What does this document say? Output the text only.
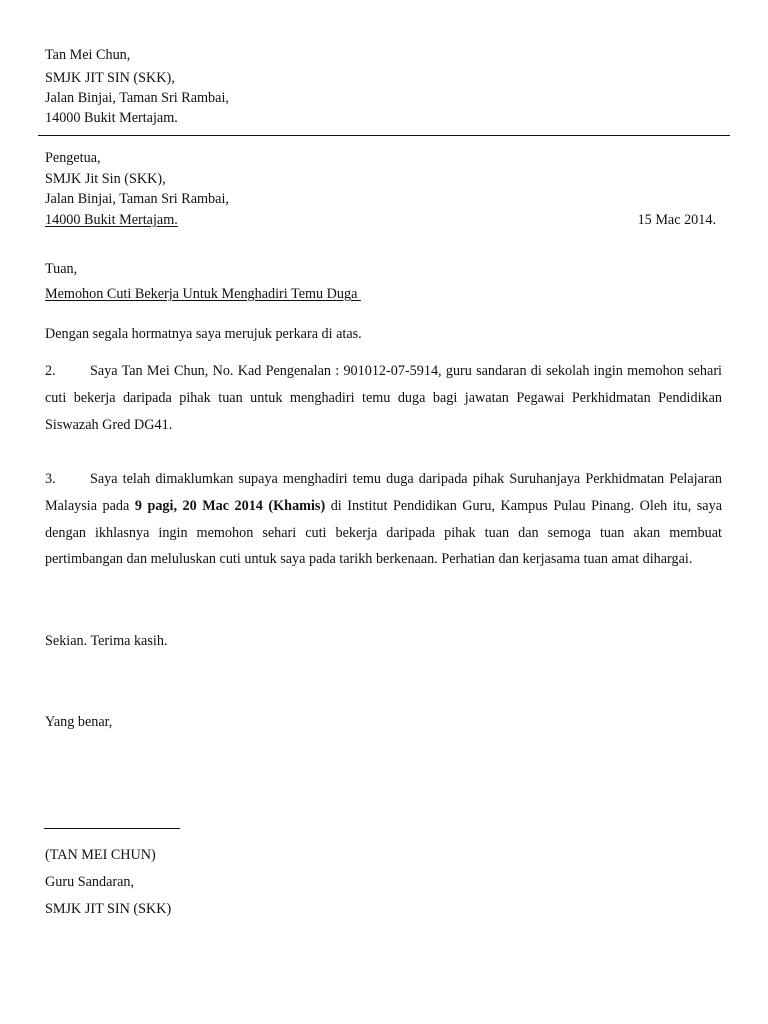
Tan Mei Chun,
SMJK JIT SIN (SKK),
Jalan Binjai, Taman Sri Rambai,
14000 Bukit Mertajam.
Pengetua,
SMJK Jit Sin (SKK),
Jalan Binjai, Taman Sri Rambai,
14000 Bukit Mertajam.	15 Mac 2014.
Tuan,
Memohon Cuti Bekerja Untuk Menghadiri Temu Duga
Dengan segala hormatnya saya merujuk perkara di atas.
2. Saya Tan Mei Chun, No. Kad Pengenalan : 901012-07-5914, guru sandaran di sekolah ingin memohon sehari cuti bekerja daripada pihak tuan untuk menghadiri temu duga bagi jawatan Pegawai Perkhidmatan Pendidikan Siswazah Gred DG41.
3. Saya telah dimaklumkan supaya menghadiri temu duga daripada pihak Suruhanjaya Perkhidmatan Pelajaran Malaysia pada 9 pagi, 20 Mac 2014 (Khamis) di Institut Pendidikan Guru, Kampus Pulau Pinang. Oleh itu, saya dengan ikhlasnya ingin memohon sehari cuti bekerja daripada pihak tuan dan semoga tuan akan membuat pertimbangan dan meluluskan cuti untuk saya pada tarikh berkenaan. Perhatian dan kerjasama tuan amat dihargai.
Sekian. Terima kasih.
Yang benar,
(TAN MEI CHUN)
Guru Sandaran,
SMJK JIT SIN (SKK)
